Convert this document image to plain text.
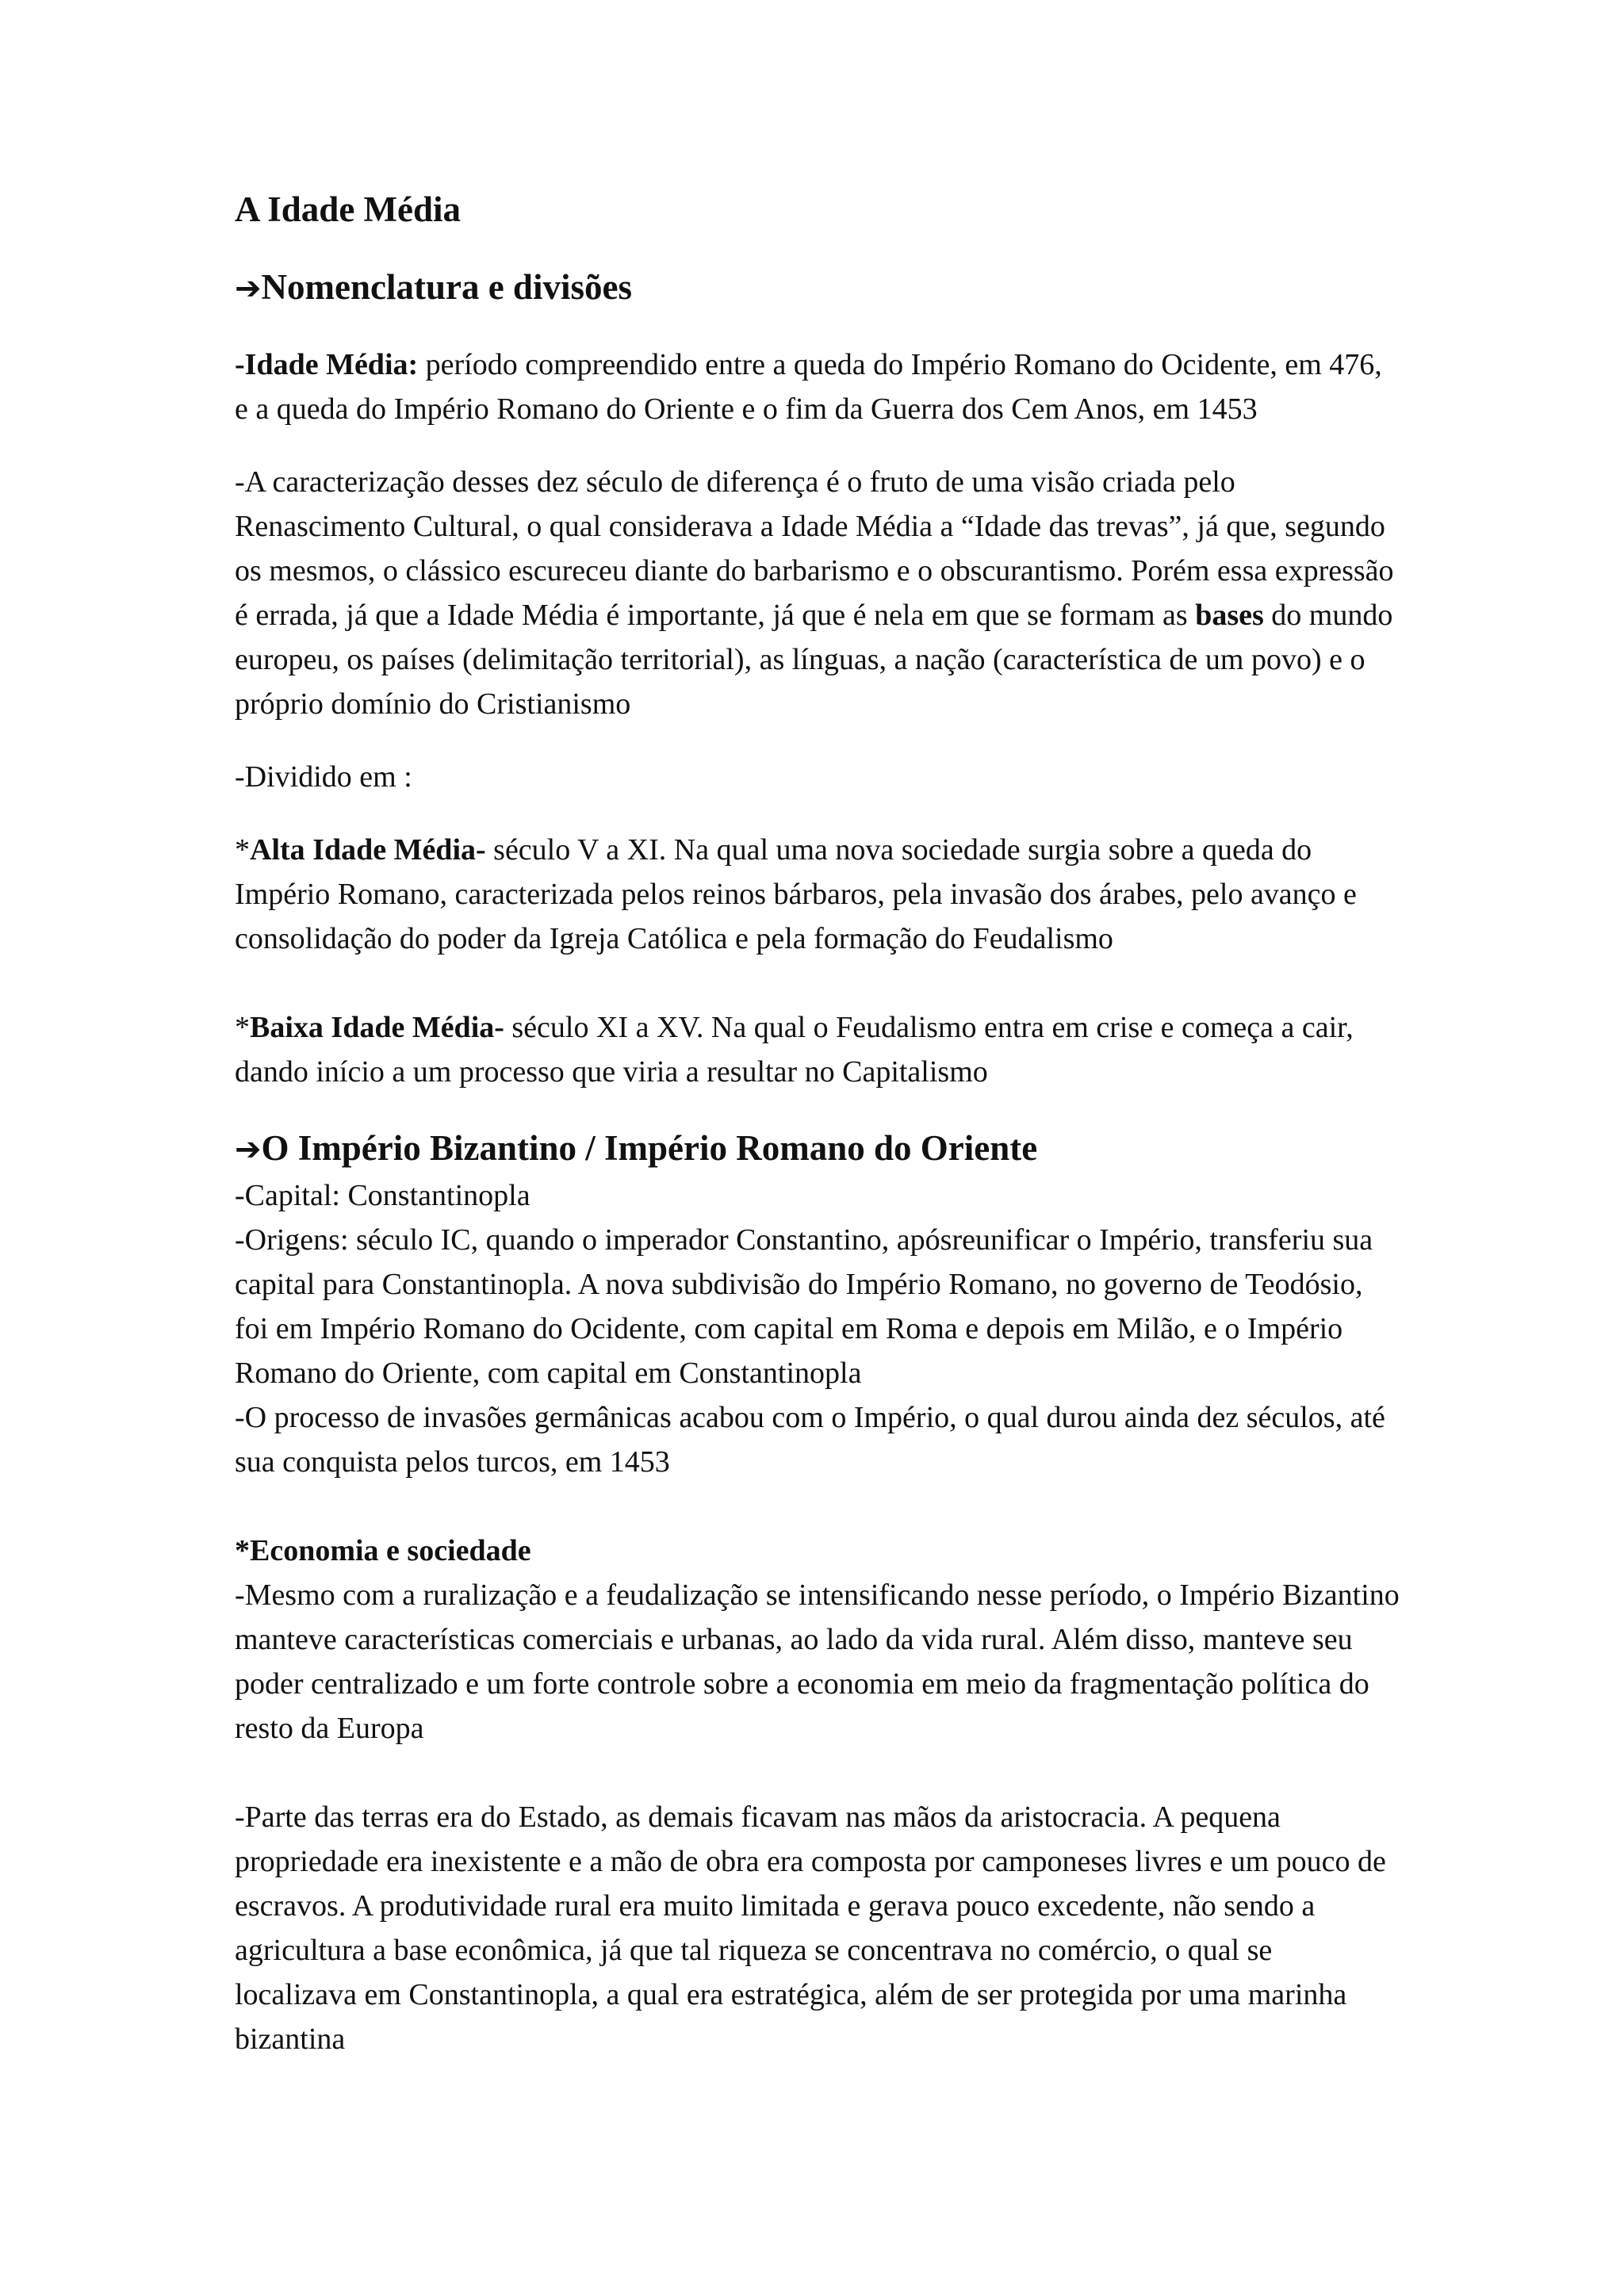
A Idade Média
➔Nomenclatura e divisões

-Idade Média: período compreendido entre a queda do Império Romano do Ocidente, em 476, e a queda do Império Romano do Oriente e o fim da Guerra dos Cem Anos, em 1453

-A caracterização desses dez século de diferença é o fruto de uma visão criada pelo Renascimento Cultural, o qual considerava a Idade Média a “Idade das trevas”, já que, segundo os mesmos, o clássico escureceu diante do barbarismo e o obscurantismo. Porém essa expressão é errada, já que a Idade Média é importante, já que é nela em que se formam as bases do mundo europeu, os países (delimitação territorial), as línguas, a nação (característica de um povo) e o próprio domínio do Cristianismo

-Dividido em :

*Alta Idade Média- século V a XI. Na qual uma nova sociedade surgia sobre a queda do Império Romano, caracterizada pelos reinos bárbaros, pela invasão dos árabes, pelo avanço e consolidação do poder da Igreja Católica e pela formação do Feudalismo

*Baixa Idade Média- século XI a XV. Na qual o Feudalismo entra em crise e começa a cair, dando início a um processo que viria a resultar no Capitalismo

➔O Império Bizantino / Império Romano do Oriente

-Capital: Constantinopla

-Origens: século IC, quando o imperador Constantino, apósreunificar o Império, transferiu sua capital para Constantinopla. A nova subdivisão do Império Romano, no governo de Teodósio, foi em Império Romano do Ocidente, com capital em Roma e depois em Milão, e o Império Romano do Oriente, com capital em Constantinopla

-O processo de invasões germânicas acabou com o Império, o qual durou ainda dez séculos, até sua conquista pelos turcos, em 1453

*Economia e sociedade

-Mesmo com a ruralização e a feudalização se intensificando nesse período, o Império Bizantino manteve características comerciais e urbanas, ao lado da vida rural. Além disso, manteve seu poder centralizado e um forte controle sobre a economia em meio da fragmentação política do resto da Europa

-Parte das terras era do Estado, as demais ficavam nas mãos da aristocracia. A pequena propriedade era inexistente e a mão de obra era composta por camponeses livres e um pouco de escravos. A produtividade rural era muito limitada e gerava pouco excedente, não sendo a agricultura a base econômica, já que tal riqueza se concentrava no comércio, o qual se localizava em Constantinopla, a qual era estratégica, além de ser protegida por uma marinha bizantina
